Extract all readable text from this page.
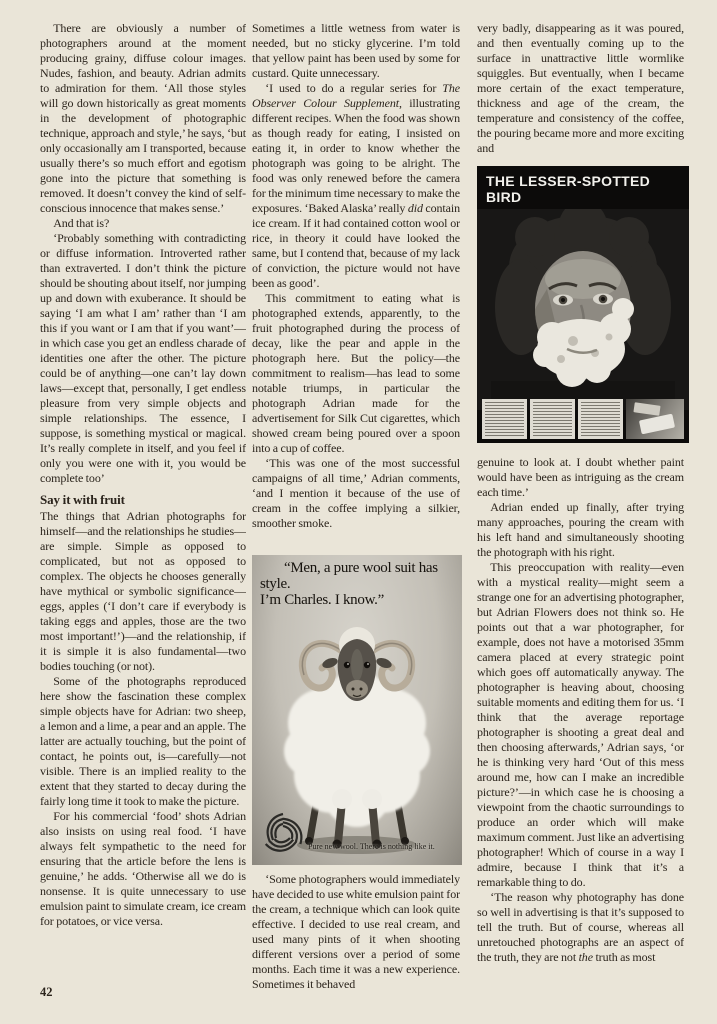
There are obviously a number of photographers around at the moment producing grainy, diffuse colour images. Nudes, fashion, and beauty. Adrian admits to admiration for them. ‘All those styles will go down historically as great moments in the development of photographic technique, approach and style,’ he says, ‘but only occasionally am I transported, because usually there’s so much effort and egotism gone into the picture that something is removed. It doesn’t convey the kind of self-conscious innocence that makes sense.’

And that is?

‘Probably something with contradicting or diffuse information. Introverted rather than extraverted. I don’t think the picture should be shouting about itself, nor jumping up and down with exuberance. It should be saying ‘I am what I am’ rather than ‘I am this if you want or I am that if you want’—in which case you get an endless charade of identities one after the other. The picture could be of anything—one can’t lay down laws—except that, personally, I get endless pleasure from very simple objects and simple relationships. The essence, I suppose, is something mystical or magical. It’s really complete in itself, and you feel if only you were one with it, you would be complete too’

Say it with fruit

The things that Adrian photographs for himself—and the relationships he studies—are simple. Simple as opposed to complicated, but not as opposed to complex. The objects he chooses generally have mythical or symbolic significance—eggs, apples (‘I don’t care if everybody is taking eggs and apples, those are the two most important!’)—and the relationship, if it is simple it is also fundamental—two bodies touching (or not).

Some of the photographs reproduced here show the fascination these complex simple objects have for Adrian: two sheep, a lemon and a lime, a pear and an apple. The latter are actually touching, but the point of contact, he points out, is—carefully—not visible. There is an implied reality to the extent that they started to decay during the fairly long time it took to make the picture.

For his commercial ‘food’ shots Adrian also insists on using real food. ‘I have always felt sympathetic to the need for ensuring that the article before the lens is genuine,’ he adds. ‘Otherwise all we do is nonsense. It is quite unnecessary to use emulsion paint to simulate cream, ice cream for potatoes, or vice versa.

Sometimes a little wetness from water is needed, but no sticky glycerine. I’m told that yellow paint has been used by some for custard. Quite unnecessary.

‘I used to do a regular series for The Observer Colour Supplement, illustrating different recipes. When the food was shown as though ready for eating, I insisted on eating it, in order to know whether the photograph was going to be alright. The food was only renewed before the camera for the minimum time necessary to make the exposures. ‘Baked Alaska’ really did contain ice cream. If it had contained cotton wool or rice, in theory it could have looked the same, but I contend that, because of my lack of conviction, the picture would not have been as good’.

This commitment to eating what is photographed extends, apparently, to the fruit photographed during the process of decay, like the pear and apple in the photograph here. But the policy—the commitment to realism—has lead to some notable triumps, in particular the photograph Adrian made for the advertisement for Silk Cut cigarettes, which showed cream being poured over a spoon into a cup of coffee.

‘This was one of the most successful campaigns of all time,’ Adrian comments, ‘and I mention it because of the use of cream in the coffee implying a silkier, smoother smoke.

“Men, a pure wool suit has style.
I’m Charles. I know.”
Pure new wool. There is nothing like it.

‘Some photographers would immediately have decided to use white emulsion paint for the cream, a technique which can look quite effective. I decided to use real cream, and used many pints of it when shooting different versions over a period of some months. Each time it was a new experience. Sometimes it behaved

very badly, disappearing as it was poured, and then eventually coming up to the surface in unattractive little wormlike squiggles. But eventually, when I became more certain of the exact temperature, thickness and age of the cream, the temperature and consistency of the coffee, the pouring became more and more exciting and

THE LESSER-SPOTTED BIRD

genuine to look at. I doubt whether paint would have been as intriguing as the cream each time.’

Adrian ended up finally, after trying many approaches, pouring the cream with his left hand and simultaneously shooting the photograph with his right.

This preoccupation with reality—even with a mystical reality—might seem a strange one for an advertising photographer, but Adrian Flowers does not think so. He points out that a war photographer, for example, does not have a motorised 35mm camera placed at every strategic point which goes off automatically anyway. The photographer is heaving about, choosing suitable moments and editing them for us. ‘I think that the average reportage photographer is shooting a great deal and then choosing afterwards,’ Adrian says, ‘or he is thinking very hard ‘Out of this mess around me, how can I make an incredible picture?’—in which case he is choosing a viewpoint from the chaotic surroundings to produce an order which will make maximum comment. Just like an advertising photographer! Which of course in a way I admire, because I think that it’s a remarkable thing to do.

‘The reason why photography has done so well in advertising is that it’s supposed to tell the truth. But of course, whereas all unretouched photographs are an aspect of the truth, they are not the truth as most

42
